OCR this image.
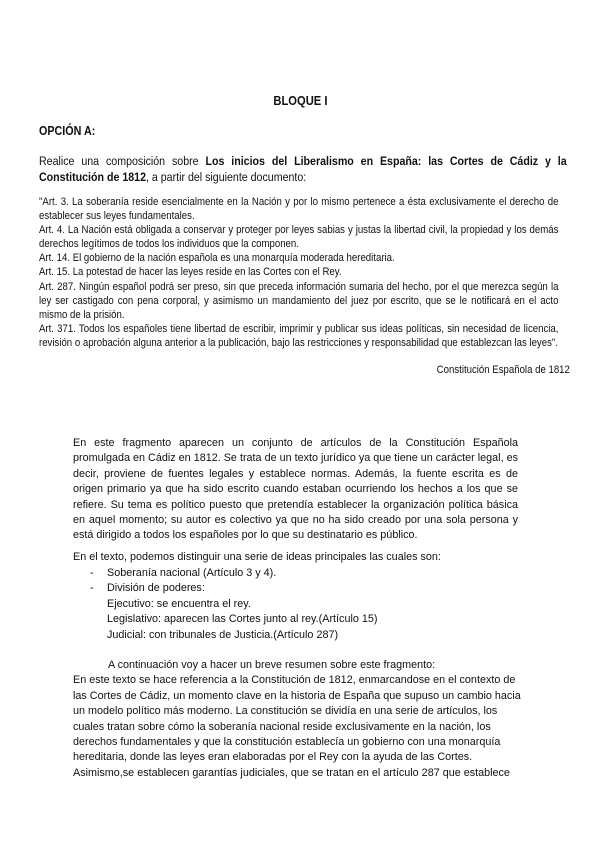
BLOQUE I
OPCIÓN A:
Realice una composición sobre Los inicios del Liberalismo en España: las Cortes de Cádiz y la Constitución de 1812, a partir del siguiente documento:
"Art. 3. La soberanía reside esencialmente en la Nación y por lo mismo pertenece a ésta exclusivamente el derecho de establecer sus leyes fundamentales.
Art. 4. La Nación está obligada a conservar y proteger por leyes sabias y justas la libertad civil, la propiedad y los demás derechos legítimos de todos los individuos que la componen.
Art. 14. El gobierno de la nación española es una monarquía moderada hereditaria.
Art. 15. La potestad de hacer las leyes reside en las Cortes con el Rey.
Art. 287. Ningún español podrá ser preso, sin que preceda información sumaria del hecho, por el que merezca según la ley ser castigado con pena corporal, y asimismo un mandamiento del juez por escrito, que se le notificará en el acto mismo de la prisión.
Art. 371. Todos los españoles tiene libertad de escribir, imprimir y publicar sus ideas políticas, sin necesidad de licencia, revisión o aprobación alguna anterior a la publicación, bajo las restricciones y responsabilidad que establezcan las leyes".
Constitución Española de 1812
En este fragmento aparecen un conjunto de artículos de la Constitución Española promulgada en Cádiz en 1812. Se trata de un texto jurídico ya que tiene un carácter legal, es decir, proviene de fuentes legales y establece normas. Además, la fuente escrita es de origen primario ya que ha sido escrito cuando estaban ocurriendo los hechos a los que se refiere. Su tema es político puesto que pretendía establecer la organización política básica en aquel momento; su autor es colectivo ya que no ha sido creado por una sola persona y está dirigido a todos los españoles por lo que su destinatario es público.
En el texto, podemos distinguir una serie de ideas principales las cuales son:
- Soberanía nacional (Artículo 3 y 4).
- División de poderes:
Ejecutivo: se encuentra el rey.
Legislativo: aparecen las Cortes junto al rey.(Artículo 15)
Judicial: con tribunales de Justicia.(Artículo 287)
A continuación voy a hacer un breve resumen sobre este fragmento:
En este texto se hace referencia a la Constitución de 1812, enmarcandose en el contexto de las Cortes de Cádiz, un momento clave en la historia de España que supuso un cambio hacia un modelo político más moderno. La constitución se dividía en una serie de artículos, los cuales tratan sobre cómo la soberanía nacional reside exclusivamente en la nación, los derechos fundamentales y que la constitución establecía un gobierno con una monarquía hereditaria, donde las leyes eran elaboradas por el Rey con la ayuda de las Cortes. Asimismo,se establecen garantías judiciales, que se tratan en el artículo 287 que establece
